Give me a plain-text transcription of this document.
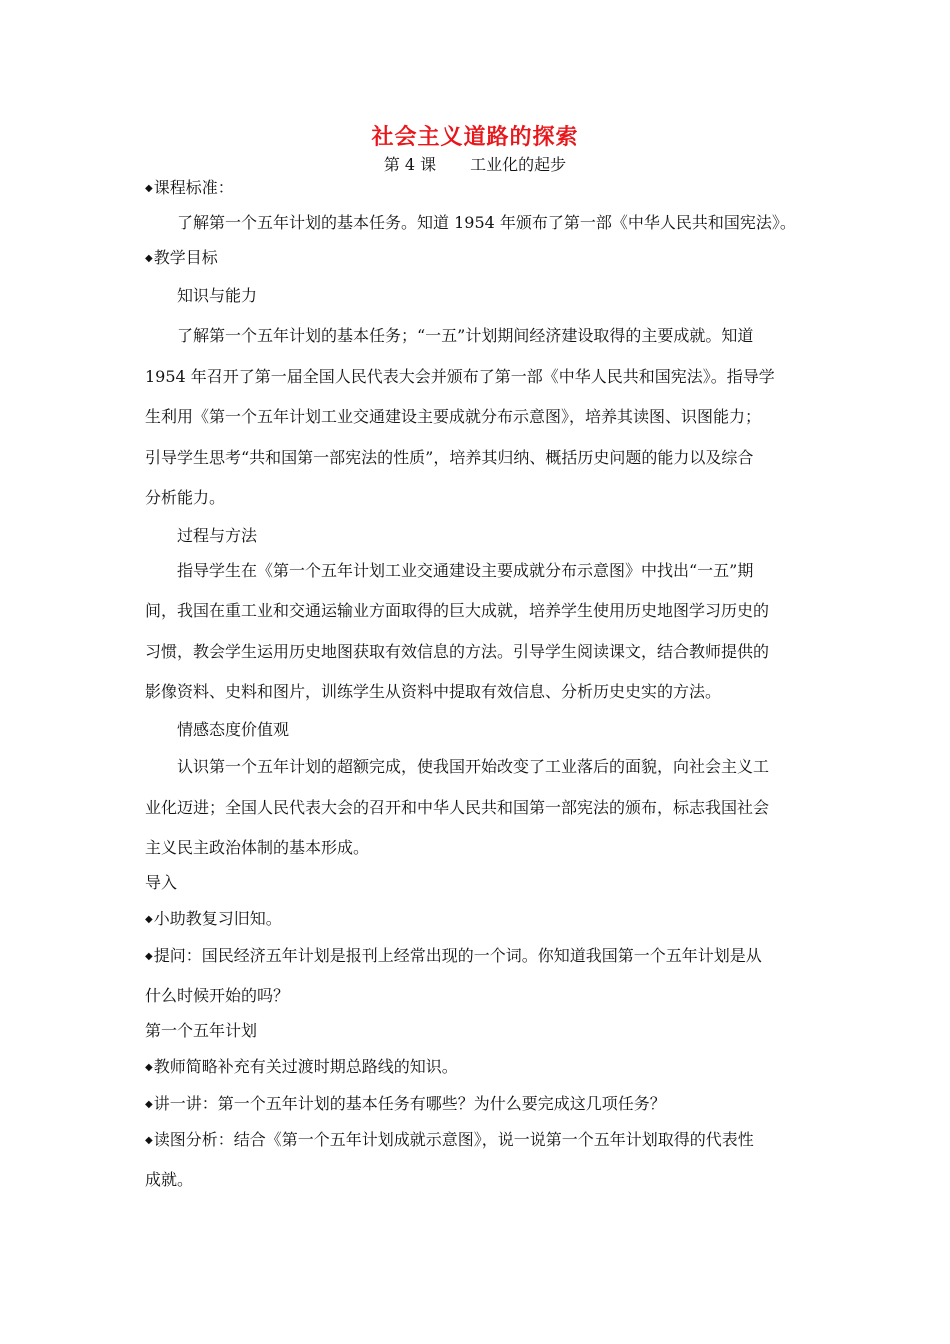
社会主义道路的探索
第 4 课 工业化的起步
◆课程标准：
了解第一个五年计划的基本任务。知道 1954 年颁布了第一部《中华人民共和国宪法》。
◆教学目标
知识与能力
了解第一个五年计划的基本任务；“一五”计划期间经济建设取得的主要成就。知道
1954 年召开了第一届全国人民代表大会并颁布了第一部《中华人民共和国宪法》。指导学
生利用《第一个五年计划工业交通建设主要成就分布示意图》，培养其读图、识图能力；
引导学生思考“共和国第一部宪法的性质”，培养其归纳、概括历史问题的能力以及综合
分析能力。
过程与方法
指导学生在《第一个五年计划工业交通建设主要成就分布示意图》中找出“一五”期
间，我国在重工业和交通运输业方面取得的巨大成就，培养学生使用历史地图学习历史的
习惯，教会学生运用历史地图获取有效信息的方法。引导学生阅读课文，结合教师提供的
影像资料、史料和图片，训练学生从资料中提取有效信息、分析历史史实的方法。
情感态度价值观
认识第一个五年计划的超额完成，使我国开始改变了工业落后的面貌，向社会主义工
业化迈进；全国人民代表大会的召开和中华人民共和国第一部宪法的颁布，标志我国社会
主义民主政治体制的基本形成。
导入
◆小助教复习旧知。
◆提问：国民经济五年计划是报刊上经常出现的一个词。你知道我国第一个五年计划是从
什么时候开始的吗？
第一个五年计划
◆教师简略补充有关过渡时期总路线的知识。
◆讲一讲：第一个五年计划的基本任务有哪些？为什么要完成这几项任务？
◆读图分析：结合《第一个五年计划成就示意图》，说一说第一个五年计划取得的代表性
成就。
